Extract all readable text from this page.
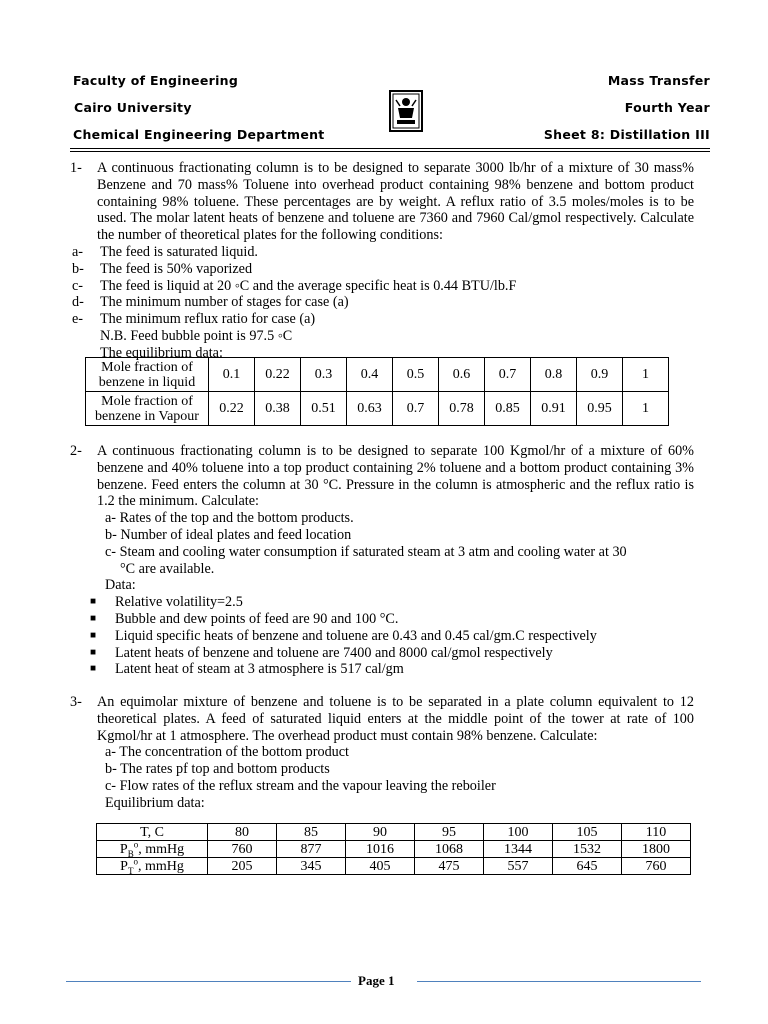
Faculty of Engineering
Cairo University
Chemical Engineering Department
Mass Transfer
Fourth Year
Sheet 8: Distillation III
1- A continuous fractionating column is to be designed to separate 3000 lb/hr of a mixture of 30 mass% Benzene and 70 mass% Toluene into overhead product containing 98% benzene and bottom product containing 98% toluene. These percentages are by weight. A reflux ratio of 3.5 moles/moles is to be used. The molar latent heats of benzene and toluene are 7360 and 7960 Cal/gmol respectively. Calculate the number of theoretical plates for the following conditions:

a- The feed is saturated liquid.
b- The feed is 50% vaporized
c- The feed is liquid at 20 ◦C and the average specific heat is 0.44 BTU/lb.F
d- The minimum number of stages for case (a)
e- The minimum reflux ratio for case (a)
N.B. Feed bubble point is 97.5 ◦C
The equilibrium data:
Mole fraction of benzene in liquid	0.1	0.22	0.3	0.4	0.5	0.6	0.7	0.8	0.9	1
Mole fraction of benzene in Vapour	0.22	0.38	0.51	0.63	0.7	0.78	0.85	0.91	0.95	1
2- A continuous fractionating column is to be designed to separate 100 Kgmol/hr of a mixture of 60% benzene and 40% toluene into a top product containing 2% toluene and a bottom product containing 3% benzene. Feed enters the column at 30 °C. Pressure in the column is atmospheric and the reflux ratio is 1.2 the minimum. Calculate:

a- Rates of the top and the bottom products.
b- Number of ideal plates and feed location
c- Steam and cooling water consumption if saturated steam at 3 atm and cooling water at 30
°C are available.
Data:
■ Relative volatility=2.5
■ Bubble and dew points of feed are 90 and 100 °C.
■ Liquid specific heats of benzene and toluene are 0.43 and 0.45 cal/gm.C respectively
■ Latent heats of benzene and toluene are 7400 and 8000 cal/gmol respectively
■ Latent heat of steam at 3 atmosphere is 517 cal/gm
3- An equimolar mixture of benzene and toluene is to be separated in a plate column equivalent to 12 theoretical plates. A feed of saturated liquid enters at the middle point of the tower at rate of 100 Kgmol/hr at 1 atmosphere. The overhead product must contain 98% benzene. Calculate:

a- The concentration of the bottom product
b- The rates pf top and bottom products
c- Flow rates of the reflux stream and the vapour leaving the reboiler
Equilibrium data:
T, C	80	85	90	95	100	105	110
$P_B^o$, mmHg	760	877	1016	1068	1344	1532	1800
$P_T^o$, mmHg	205	345	405	475	557	645	760
Page 1
